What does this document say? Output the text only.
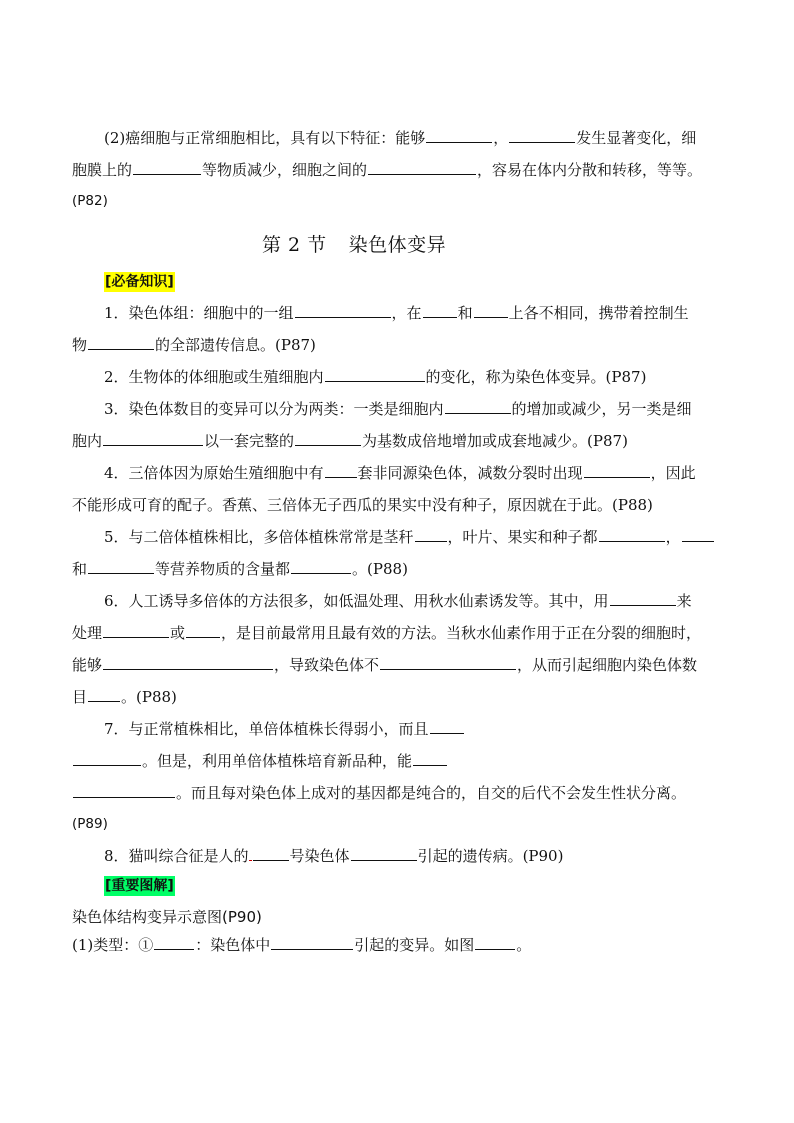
(2)癌细胞与正常细胞相比，具有以下特征：能够	，	发生显著变化，细
胞膜上的	等物质减少，细胞之间的	，容易在体内分散和转移，等等。
(P82)
第 2 节 染色体变异
[必备知识]
1．染色体组：细胞中的一组	，在 和 上各不相同，携带着控制生
物	的全部遗传信息。(P87)
2．生物体的体细胞或生殖细胞内	的变化，称为染色体变异。(P87)
3．染色体数目的变异可以分为两类：一类是细胞内	的增加或减少，另一类是细
胞内	以一套完整的	为基数成倍地增加或成套地减少。(P87)
4．三倍体因为原始生殖细胞中有 套非同源染色体，减数分裂时出现	，因此
不能形成可育的配子。香蕉、三倍体无子西瓜的果实中没有种子，原因就在于此。(P88)
5．与二倍体植株相比，多倍体植株常常是茎秆 ，叶片、果实和种子都	，
和	等营养物质的含量都	。(P88)
6．人工诱导多倍体的方法很多，如低温处理、用秋水仙素诱发等。其中，用	来
处理	或 ，是目前最常用且最有效的方法。当秋水仙素作用于正在分裂的细胞时，
能够	，导致染色体不	，从而引起细胞内染色体数
目 。(P88)
7．与正常植株相比，单倍体植株长得弱小，而且
。但是，利用单倍体植株培育新品种，能
。而且每对染色体上成对的基因都是纯合的，自交的后代不会发生性状分离。
(P89)
8．猫叫综合征是人的	号染色体	引起的遗传病。(P90)
[重要图解]
染色体结构变异示意图(P90)
(1)类型：①	：染色体中	引起的变异。如图	。
